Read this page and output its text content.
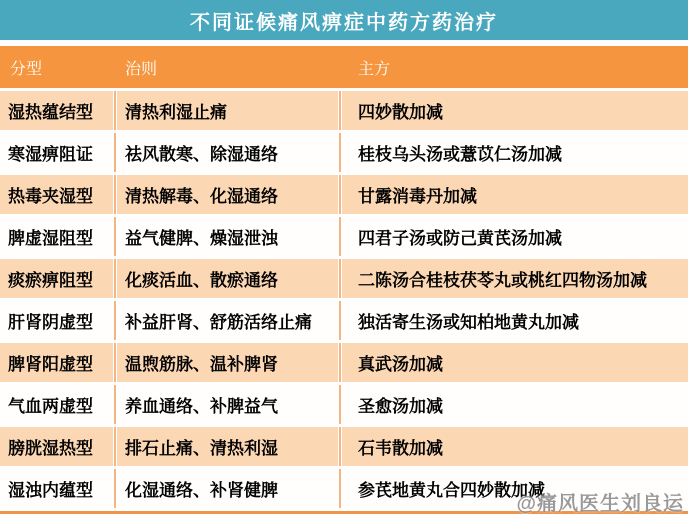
不同证候痛风痹症中药方药治疗
分型	治则	主方
湿热蕴结型	清热利湿止痛	四妙散加减
寒湿痹阻证	祛风散寒、除湿通络	桂枝乌头汤或薏苡仁汤加减
热毒夹湿型	清热解毒、化湿通络	甘露消毒丹加减
脾虚湿阻型	益气健脾、燥湿泄浊	四君子汤或防己黄芪汤加减
痰瘀痹阻型	化痰活血、散瘀通络	二陈汤合桂枝茯苓丸或桃红四物汤加减
肝肾阴虚型	补益肝肾、舒筋活络止痛	独活寄生汤或知柏地黄丸加减
脾肾阳虚型	温煦筋脉、温补脾肾	真武汤加减
气血两虚型	养血通络、补脾益气	圣愈汤加减
膀胱湿热型	排石止痛、清热利湿	石韦散加减
湿浊内蕴型	化湿通络、补肾健脾	参芪地黄丸合四妙散加减
@痛风医生刘良运
